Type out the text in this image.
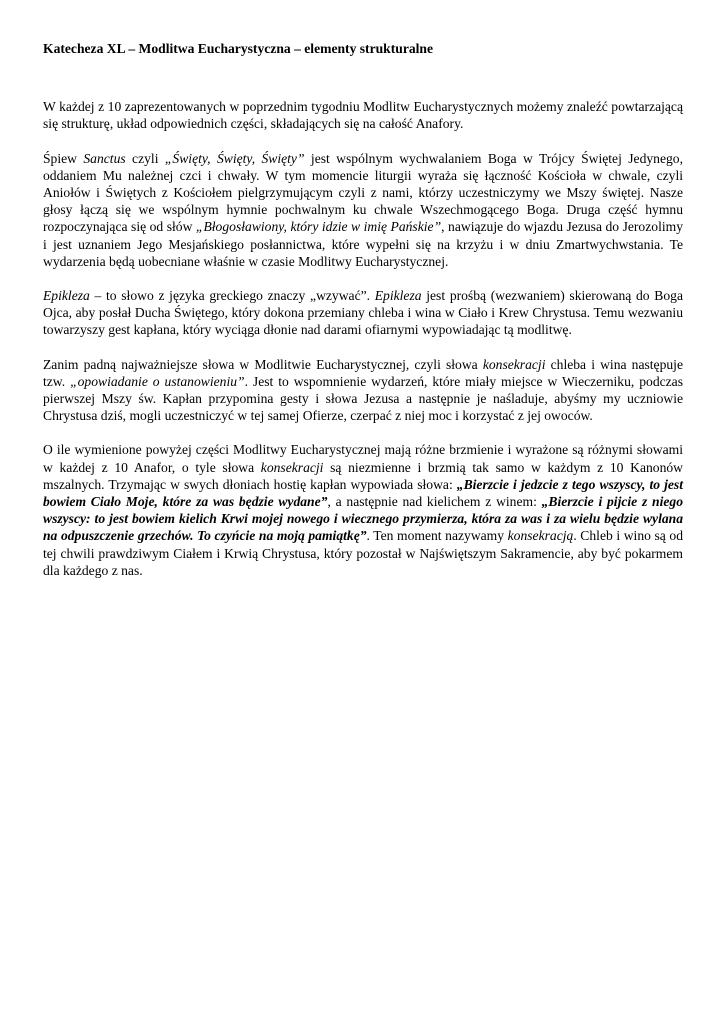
Katecheza XL – Modlitwa Eucharystyczna – elementy strukturalne

W każdej z 10 zaprezentowanych w poprzednim tygodniu Modlitw Eucharystycznych możemy znaleźć powtarzającą się strukturę, układ odpowiednich części, składających się na całość Anafory.

Śpiew Sanctus czyli „Święty, Święty, Święty” jest wspólnym wychwalaniem Boga w Trójcy Świętej Jedynego, oddaniem Mu należnej czci i chwały. W tym momencie liturgii wyraża się łączność Kościoła w chwale, czyli Aniołów i Świętych z Kościołem pielgrzymującym czyli z nami, którzy uczestniczymy we Mszy świętej. Nasze głosy łączą się we wspólnym hymnie pochwalnym ku chwale Wszechmogącego Boga. Druga część hymnu rozpoczynająca się od słów „Błogosławiony, który idzie w imię Pańskie”, nawiązuje do wjazdu Jezusa do Jerozolimy i jest uznaniem Jego Mesjańskiego posłannictwa, które wypełni się na krzyżu i w dniu Zmartwychwstania. Te wydarzenia będą uobecniane właśnie w czasie Modlitwy Eucharystycznej.

Epikleza – to słowo z języka greckiego znaczy „wzywać”. Epikleza jest prośbą (wezwaniem) skierowaną do Boga Ojca, aby posłał Ducha Świętego, który dokona przemiany chleba i wina w Ciało i Krew Chrystusa. Temu wezwaniu towarzyszy gest kapłana, który wyciąga dłonie nad darami ofiarnymi wypowiadając tą modlitwę.

Zanim padną najważniejsze słowa w Modlitwie Eucharystycznej, czyli słowa konsekracji chleba i wina następuje tzw. „opowiadanie o ustanowieniu”. Jest to wspomnienie wydarzeń, które miały miejsce w Wieczerniku, podczas pierwszej Mszy św. Kapłan przypomina gesty i słowa Jezusa a następnie je naśladuje, abyśmy my uczniowie Chrystusa dziś, mogli uczestniczyć w tej samej Ofierze, czerpać z niej moc i korzystać z jej owoców.

O ile wymienione powyżej części Modlitwy Eucharystycznej mają różne brzmienie i wyrażone są różnymi słowami w każdej z 10 Anafor, o tyle słowa konsekracji są niezmienne i brzmią tak samo w każdym z 10 Kanonów mszalnych. Trzymając w swych dłoniach hostię kapłan wypowiada słowa: „Bierzcie i jedzcie z tego wszyscy, to jest bowiem Ciało Moje, które za was będzie wydane”, a następnie nad kielichem z winem: „Bierzcie i pijcie z niego wszyscy: to jest bowiem kielich Krwi mojej nowego i wiecznego przymierza, która za was i za wielu będzie wylana na odpuszczenie grzechów. To czyńcie na moją pamiątkę”. Ten moment nazywamy konsekracją. Chleb i wino są od tej chwili prawdziwym Ciałem i Krwią Chrystusa, który pozostał w Najświętszym Sakramencie, aby być pokarmem dla każdego z nas.
